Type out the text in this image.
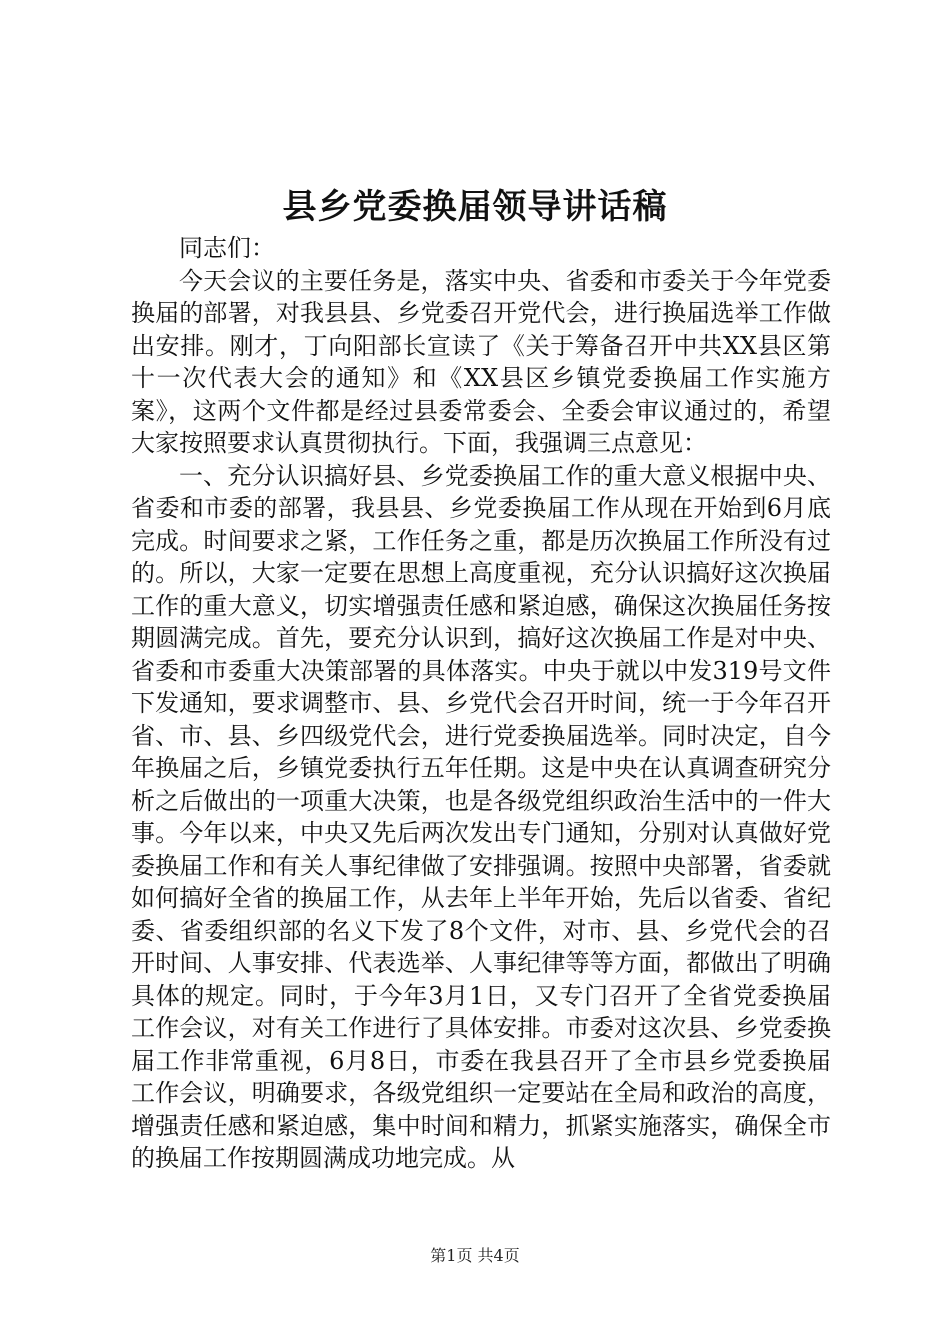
县乡党委换届领导讲话稿

同志们：

今天会议的主要任务是，落实中央、省委和市委关于今年党委换届的部署，对我县县、乡党委召开党代会，进行换届选举工作做出安排。刚才，丁向阳部长宣读了《关于筹备召开中共XX县区第十一次代表大会的通知》和《XX县区乡镇党委换届工作实施方案》，这两个文件都是经过县委常委会、全委会审议通过的，希望大家按照要求认真贯彻执行。下面，我强调三点意见：

一、充分认识搞好县、乡党委换届工作的重大意义根据中央、省委和市委的部署，我县县、乡党委换届工作从现在开始到6月底完成。时间要求之紧，工作任务之重，都是历次换届工作所没有过的。所以，大家一定要在思想上高度重视，充分认识搞好这次换届工作的重大意义，切实增强责任感和紧迫感，确保这次换届任务按期圆满完成。首先，要充分认识到，搞好这次换届工作是对中央、省委和市委重大决策部署的具体落实。中央于就以中发319号文件下发通知，要求调整市、县、乡党代会召开时间，统一于今年召开省、市、县、乡四级党代会，进行党委换届选举。同时决定，自今年换届之后，乡镇党委执行五年任期。这是中央在认真调查研究分析之后做出的一项重大决策，也是各级党组织政治生活中的一件大事。今年以来，中央又先后两次发出专门通知，分别对认真做好党委换届工作和有关人事纪律做了安排强调。按照中央部署，省委就如何搞好全省的换届工作，从去年上半年开始，先后以省委、省纪委、省委组织部的名义下发了8个文件，对市、县、乡党代会的召开时间、人事安排、代表选举、人事纪律等等方面，都做出了明确具体的规定。同时，于今年3月1日，又专门召开了全省党委换届工作会议，对有关工作进行了具体安排。市委对这次县、乡党委换届工作非常重视，6月8日，市委在我县召开了全市县乡党委换届工作会议，明确要求，各级党组织一定要站在全局和政治的高度，增强责任感和紧迫感，集中时间和精力，抓紧实施落实，确保全市的换届工作按期圆满成功地完成。从

第1页 共4页
